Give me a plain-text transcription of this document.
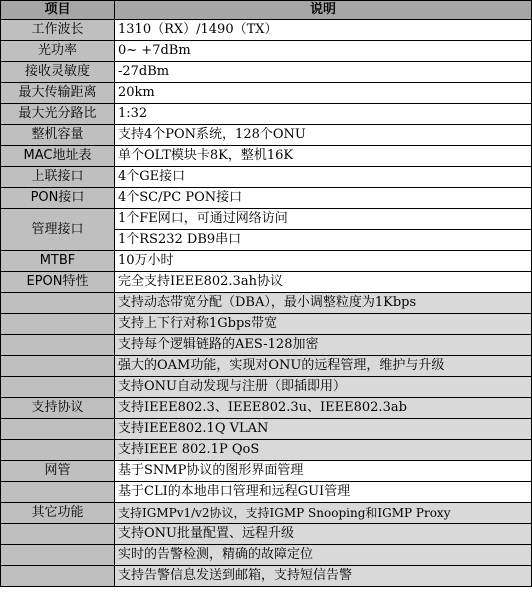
项目	说明
工作波长	1310（RX）/1490（TX）
光功率	0~ +7dBm
接收灵敏度	-27dBm
最大传输距离	20km
最大光分路比	1:32
整机容量	支持4个PON系统，128个ONU
MAC地址表	单个OLT模块卡8K，整机16K
上联接口	4个GE接口
PON接口	4个SC/PC PON接口
管理接口	1个FE网口，可通过网络访问
	1个RS232 DB9串口
MTBF	10万小时
EPON特性	完全支持IEEE802.3ah协议
	支持动态带宽分配（DBA），最小调整粒度为1Kbps
	支持上下行对称1Gbps带宽
	支持每个逻辑链路的AES-128加密
	强大的OAM功能，实现对ONU的远程管理，维护与升级
	支持ONU自动发现与注册（即插即用）
支持协议	支持IEEE802.3、IEEE802.3u、IEEE802.3ab
	支持IEEE802.1Q VLAN
	支持IEEE 802.1P QoS
网管	基于SNMP协议的图形界面管理
	基于CLI的本地串口管理和远程GUI管理
其它功能	支持IGMPv1/v2协议，支持IGMP Snooping和IGMP Proxy
	支持ONU批量配置、远程升级
	实时的告警检测，精确的故障定位
	支持告警信息发送到邮箱，支持短信告警
